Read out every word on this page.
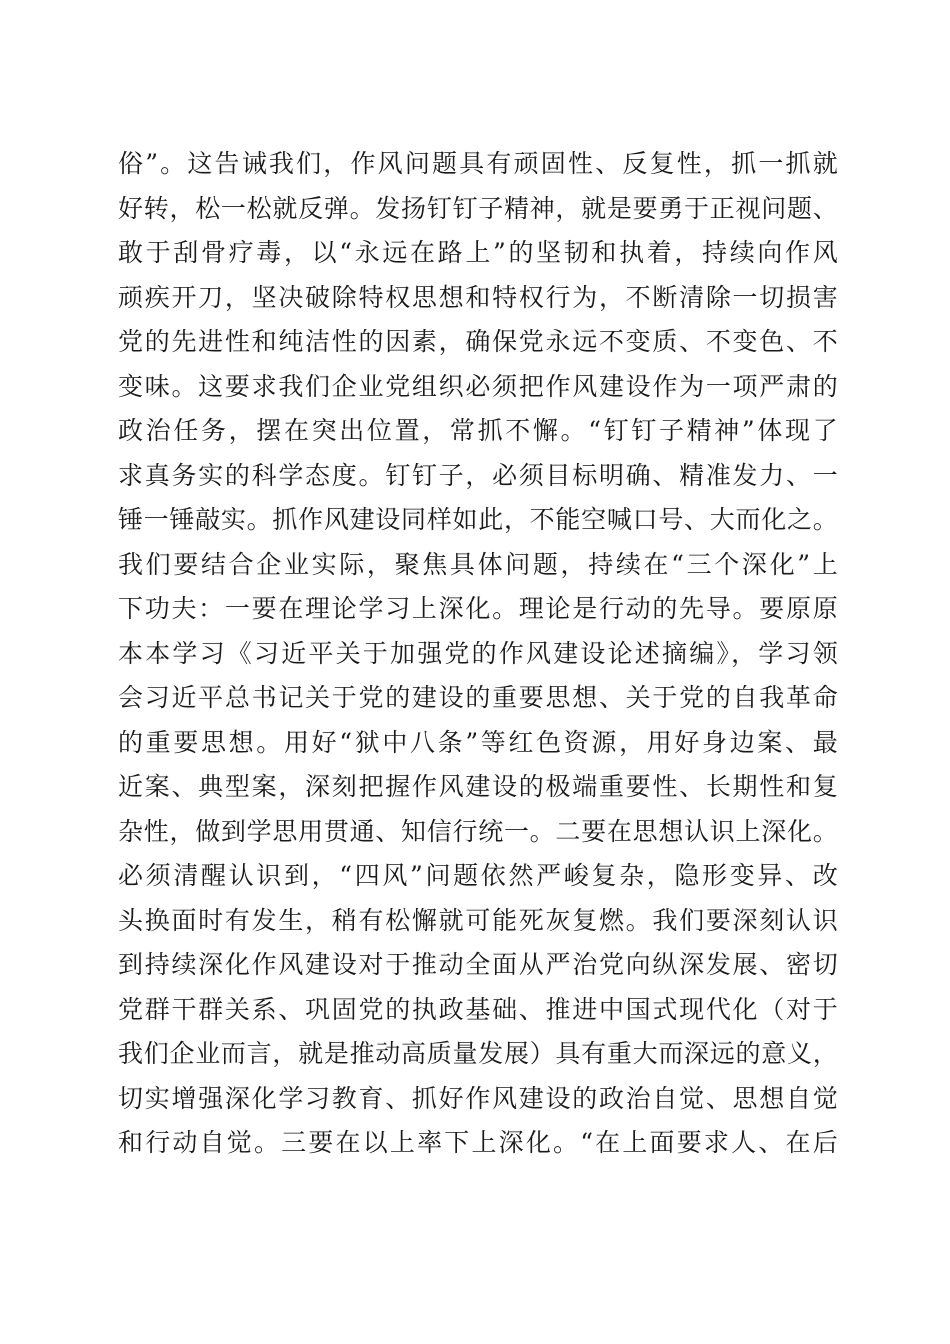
俗”。这告诫我们，作风问题具有顽固性、反复性，抓一抓就
好转，松一松就反弹。发扬钉钉子精神，就是要勇于正视问题、
敢于刮骨疗毒，以“永远在路上”的坚韧和执着，持续向作风
顽疾开刀，坚决破除特权思想和特权行为，不断清除一切损害
党的先进性和纯洁性的因素，确保党永远不变质、不变色、不
变味。这要求我们企业党组织必须把作风建设作为一项严肃的
政治任务，摆在突出位置，常抓不懈。“钉钉子精神”体现了
求真务实的科学态度。钉钉子，必须目标明确、精准发力、一
锤一锤敲实。抓作风建设同样如此，不能空喊口号、大而化之。
我们要结合企业实际，聚焦具体问题，持续在“三个深化”上
下功夫：一要在理论学习上深化。理论是行动的先导。要原原
本本学习《习近平关于加强党的作风建设论述摘编》，学习领
会习近平总书记关于党的建设的重要思想、关于党的自我革命
的重要思想。用好“狱中八条”等红色资源，用好身边案、最
近案、典型案，深刻把握作风建设的极端重要性、长期性和复
杂性，做到学思用贯通、知信行统一。二要在思想认识上深化。
必须清醒认识到，“四风”问题依然严峻复杂，隐形变异、改
头换面时有发生，稍有松懈就可能死灰复燃。我们要深刻认识
到持续深化作风建设对于推动全面从严治党向纵深发展、密切
党群干群关系、巩固党的执政基础、推进中国式现代化（对于
我们企业而言，就是推动高质量发展）具有重大而深远的意义，
切实增强深化学习教育、抓好作风建设的政治自觉、思想自觉
和行动自觉。三要在以上率下上深化。“在上面要求人、在后
